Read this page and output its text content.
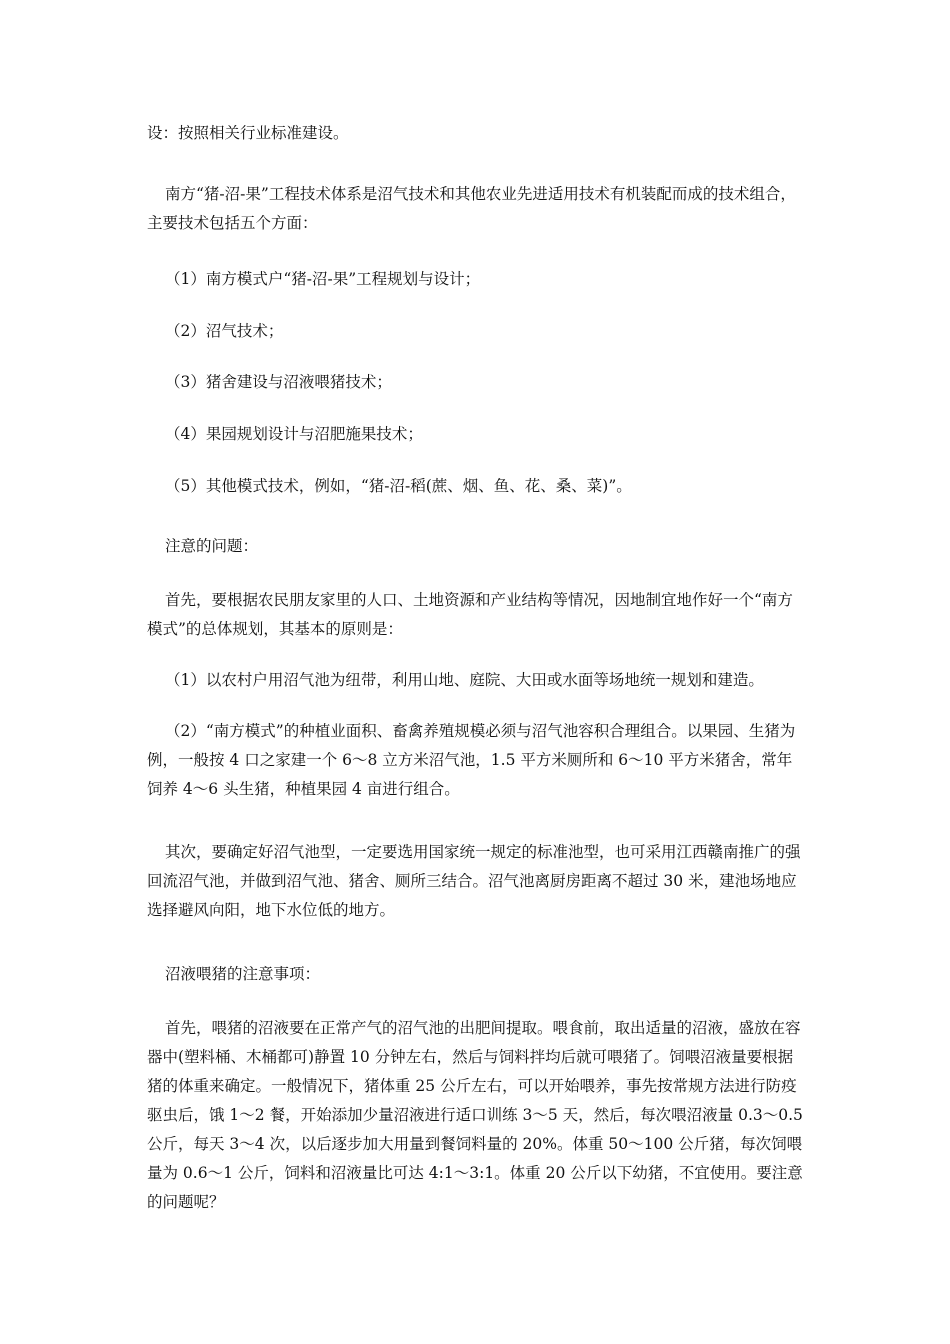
设：按照相关行业标准建设。

南方“猪-沼-果”工程技术体系是沼气技术和其他农业先进适用技术有机装配而成的技术组合，主要技术包括五个方面：

（1）南方模式户“猪-沼-果”工程规划与设计；

（2）沼气技术；

（3）猪舍建设与沼液喂猪技术；

（4）果园规划设计与沼肥施果技术；

（5）其他模式技术，例如，“猪-沼-稻(蔗、烟、鱼、花、桑、菜)”。

注意的问题：

首先，要根据农民朋友家里的人口、土地资源和产业结构等情况，因地制宜地作好一个“南方模式”的总体规划，其基本的原则是：

（1）以农村户用沼气池为纽带，利用山地、庭院、大田或水面等场地统一规划和建造。

（2）“南方模式”的种植业面积、畜禽养殖规模必须与沼气池容积合理组合。以果园、生猪为例，一般按 4 口之家建一个 6～8 立方米沼气池，1.5 平方米厕所和 6～10 平方米猪舍，常年饲养 4～6 头生猪，种植果园 4 亩进行组合。

其次，要确定好沼气池型，一定要选用国家统一规定的标准池型，也可采用江西赣南推广的强回流沼气池，并做到沼气池、猪舍、厕所三结合。沼气池离厨房距离不超过 30 米，建池场地应选择避风向阳，地下水位低的地方。

沼液喂猪的注意事项：

首先，喂猪的沼液要在正常产气的沼气池的出肥间提取。喂食前，取出适量的沼液，盛放在容器中(塑料桶、木桶都可)静置 10 分钟左右，然后与饲料拌均后就可喂猪了。饲喂沼液量要根据猪的体重来确定。一般情况下，猪体重 25 公斤左右，可以开始喂养，事先按常规方法进行防疫驱虫后，饿 1～2 餐，开始添加少量沼液进行适口训练 3～5 天，然后，每次喂沼液量 0.3～0.5 公斤，每天 3～4 次，以后逐步加大用量到餐饲料量的 20%。体重 50～100 公斤猪，每次饲喂量为 0.6～1 公斤，饲料和沼液量比可达 4:1～3:1。体重 20 公斤以下幼猪，不宜使用。要注意的问题呢？
